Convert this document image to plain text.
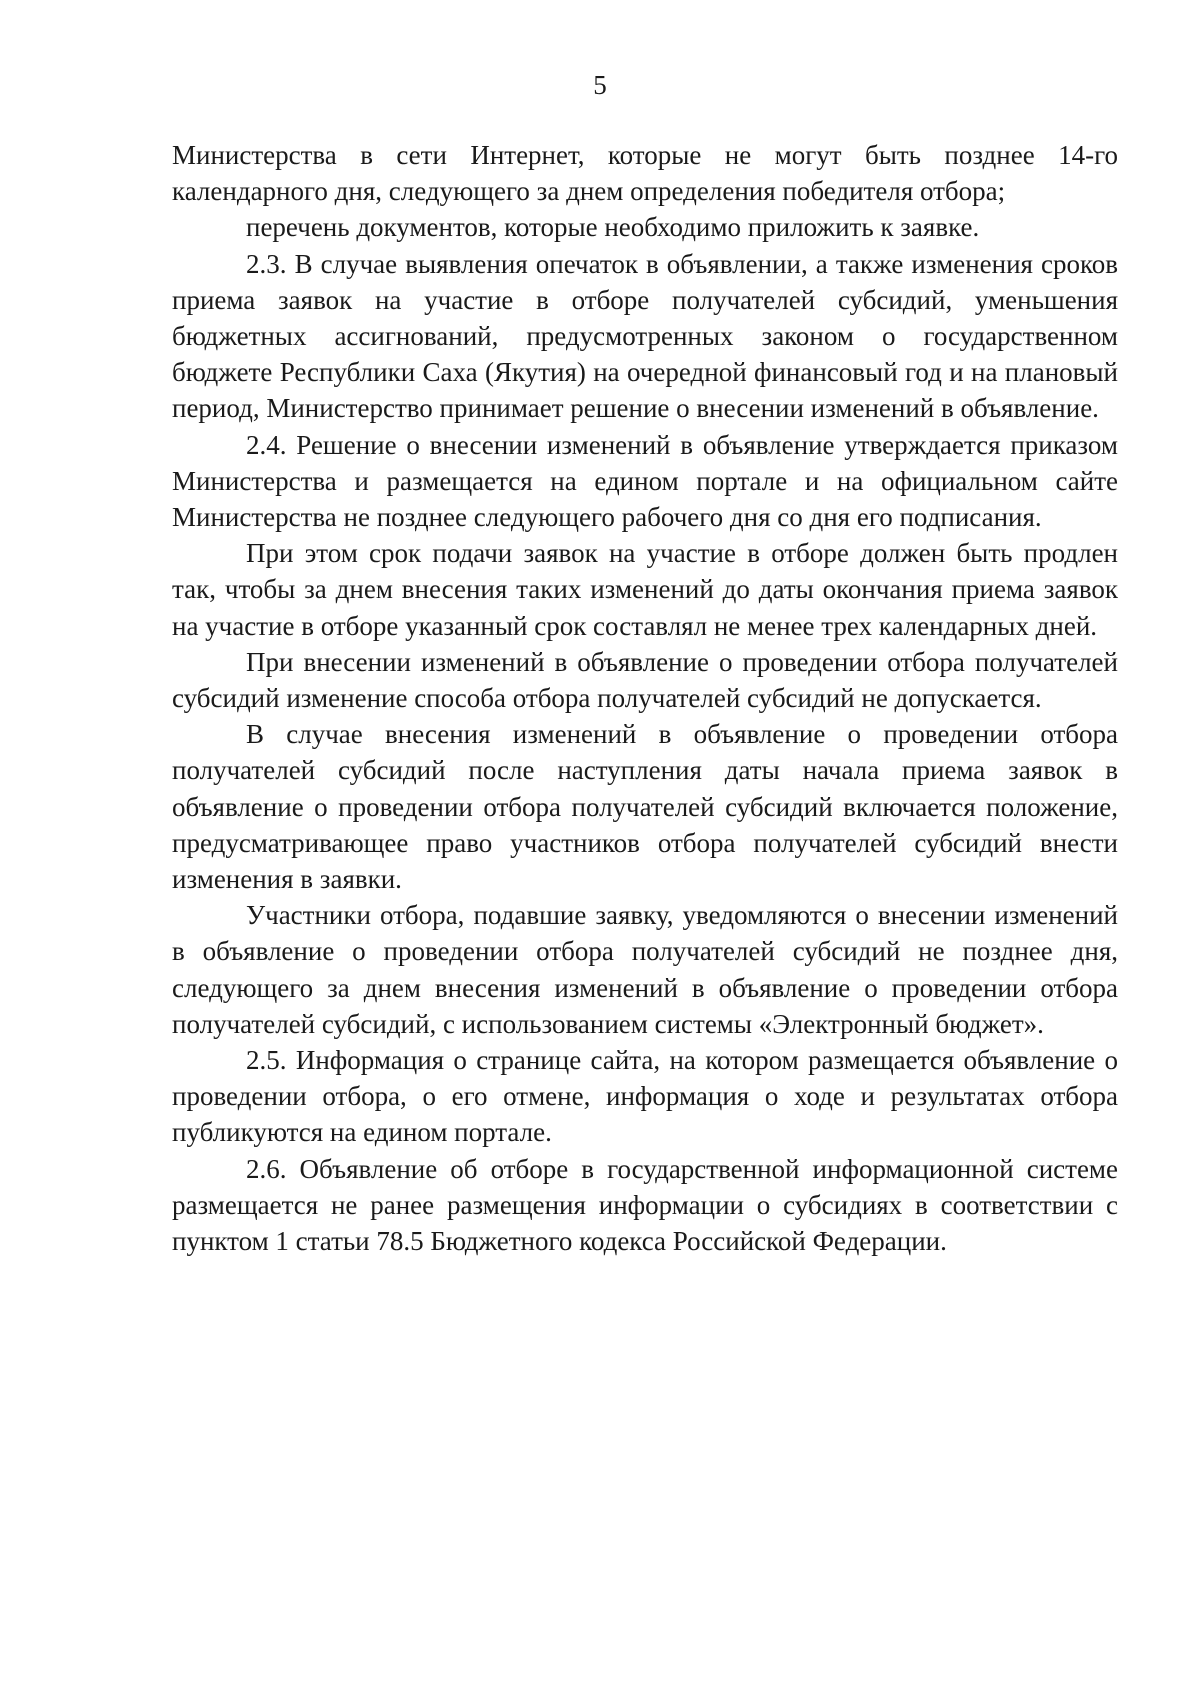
5

Министерства в сети Интернет, которые не могут быть позднее 14-го календарного дня, следующего за днем определения победителя отбора;

перечень документов, которые необходимо приложить к заявке.

2.3. В случае выявления опечаток в объявлении, а также изменения сроков приема заявок на участие в отборе получателей субсидий, уменьшения бюджетных ассигнований, предусмотренных законом о государственном бюджете Республики Саха (Якутия) на очередной финансовый год и на плановый период, Министерство принимает решение о внесении изменений в объявление.

2.4. Решение о внесении изменений в объявление утверждается приказом Министерства и размещается на едином портале и на официальном сайте Министерства не позднее следующего рабочего дня со дня его подписания.

При этом срок подачи заявок на участие в отборе должен быть продлен так, чтобы за днем внесения таких изменений до даты окончания приема заявок на участие в отборе указанный срок составлял не менее трех календарных дней.

При внесении изменений в объявление о проведении отбора получателей субсидий изменение способа отбора получателей субсидий не допускается.

В случае внесения изменений в объявление о проведении отбора получателей субсидий после наступления даты начала приема заявок в объявление о проведении отбора получателей субсидий включается положение, предусматривающее право участников отбора получателей субсидий внести изменения в заявки.

Участники отбора, подавшие заявку, уведомляются о внесении изменений в объявление о проведении отбора получателей субсидий не позднее дня, следующего за днем внесения изменений в объявление о проведении отбора получателей субсидий, с использованием системы «Электронный бюджет».

2.5. Информация о странице сайта, на котором размещается объявление о проведении отбора, о его отмене, информация о ходе и результатах отбора публикуются на едином портале.

2.6. Объявление об отборе в государственной информационной системе размещается не ранее размещения информации о субсидиях в соответствии с пунктом 1 статьи 78.5 Бюджетного кодекса Российской Федерации.
